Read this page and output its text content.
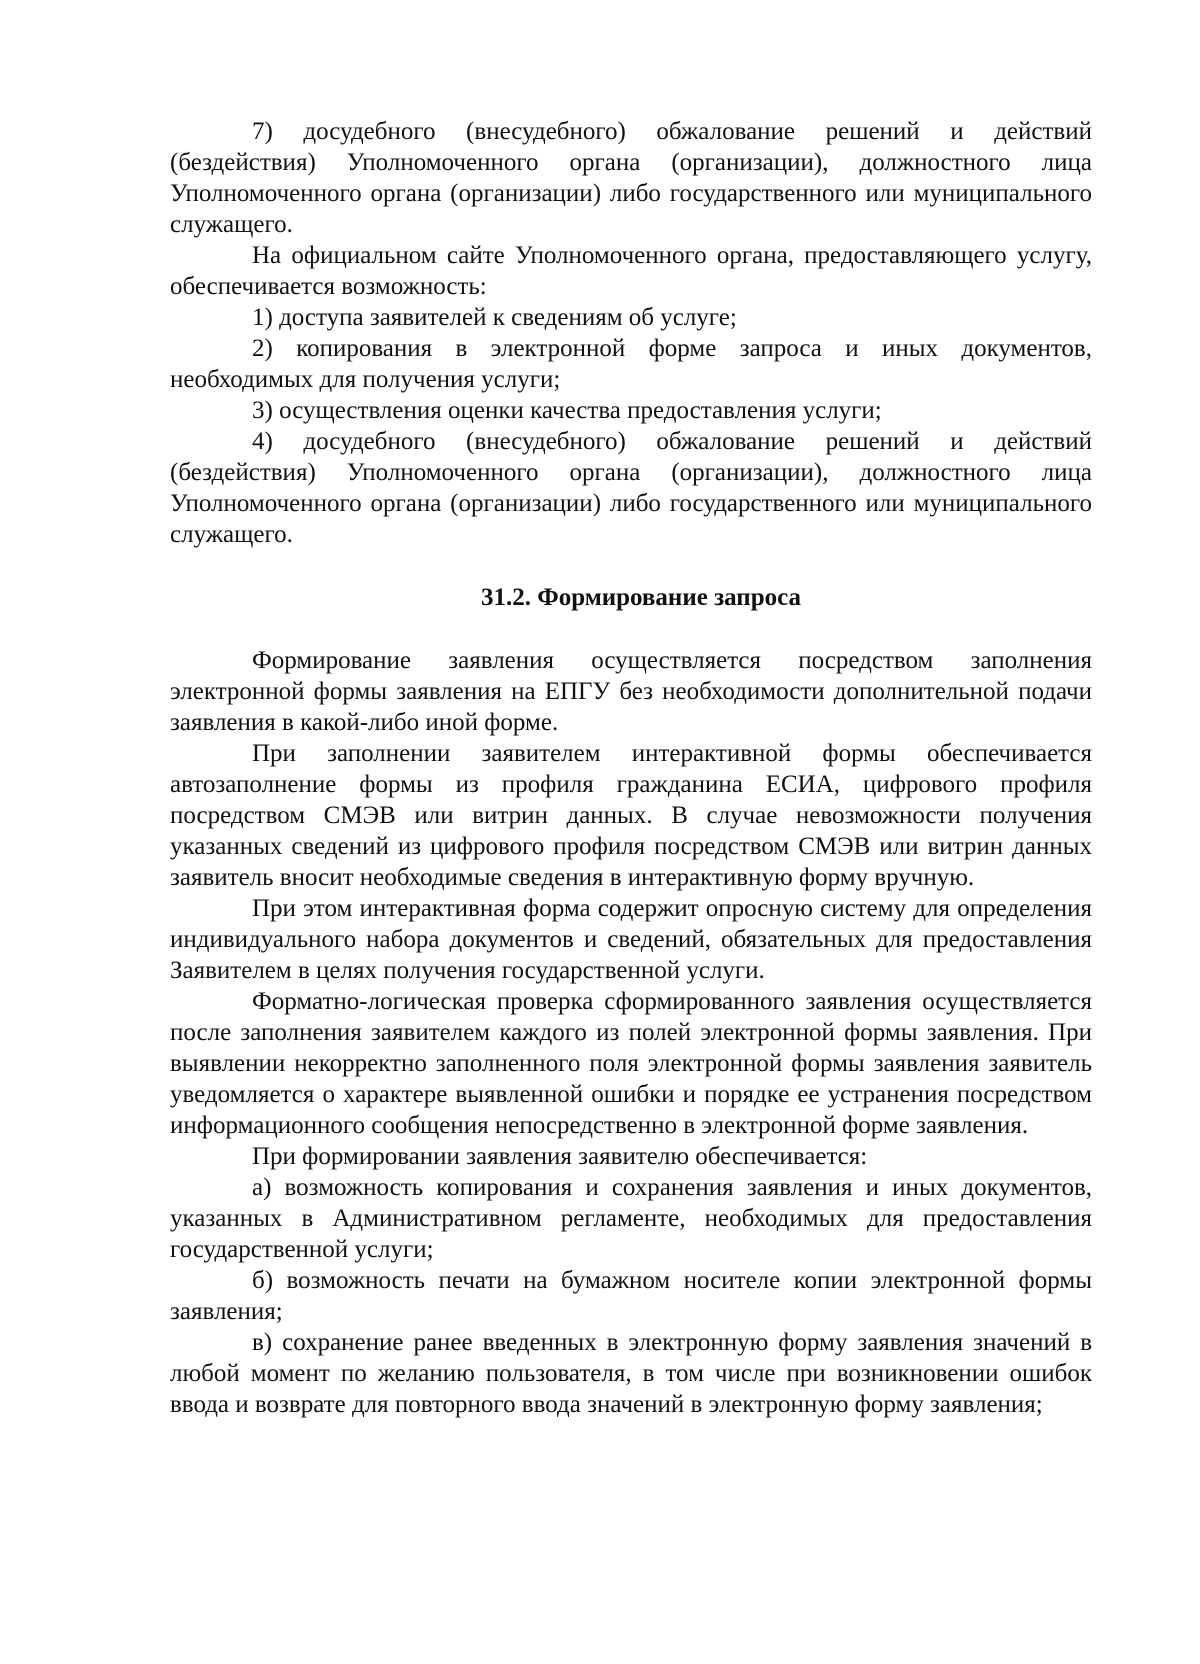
7) досудебного (внесудебного) обжалование решений и действий (бездействия) Уполномоченного органа (организации), должностного лица Уполномоченного органа (организации) либо государственного или муниципального служащего.

На официальном сайте Уполномоченного органа, предоставляющего услугу, обеспечивается возможность:

1) доступа заявителей к сведениям об услуге;

2) копирования в электронной форме запроса и иных документов, необходимых для получения услуги;

3) осуществления оценки качества предоставления услуги;

4) досудебного (внесудебного) обжалование решений и действий (бездействия) Уполномоченного органа (организации), должностного лица Уполномоченного органа (организации) либо государственного или муниципального служащего.

31.2. Формирование запроса

Формирование заявления осуществляется посредством заполнения электронной формы заявления на ЕПГУ без необходимости дополнительной подачи заявления в какой-либо иной форме.

При заполнении заявителем интерактивной формы обеспечивается автозаполнение формы из профиля гражданина ЕСИА, цифрового профиля посредством СМЭВ или витрин данных. В случае невозможности получения указанных сведений из цифрового профиля посредством СМЭВ или витрин данных заявитель вносит необходимые сведения в интерактивную форму вручную.

При этом интерактивная форма содержит опросную систему для определения индивидуального набора документов и сведений, обязательных для предоставления Заявителем в целях получения государственной услуги.

Форматно-логическая проверка сформированного заявления осуществляется после заполнения заявителем каждого из полей электронной формы заявления. При выявлении некорректно заполненного поля электронной формы заявления заявитель уведомляется о характере выявленной ошибки и порядке ее устранения посредством информационного сообщения непосредственно в электронной форме заявления.

При формировании заявления заявителю обеспечивается:

а) возможность копирования и сохранения заявления и иных документов, указанных в Административном регламенте, необходимых для предоставления государственной услуги;

б) возможность печати на бумажном носителе копии электронной формы заявления;

в) сохранение ранее введенных в электронную форму заявления значений в любой момент по желанию пользователя, в том числе при возникновении ошибок ввода и возврате для повторного ввода значений в электронную форму заявления;
